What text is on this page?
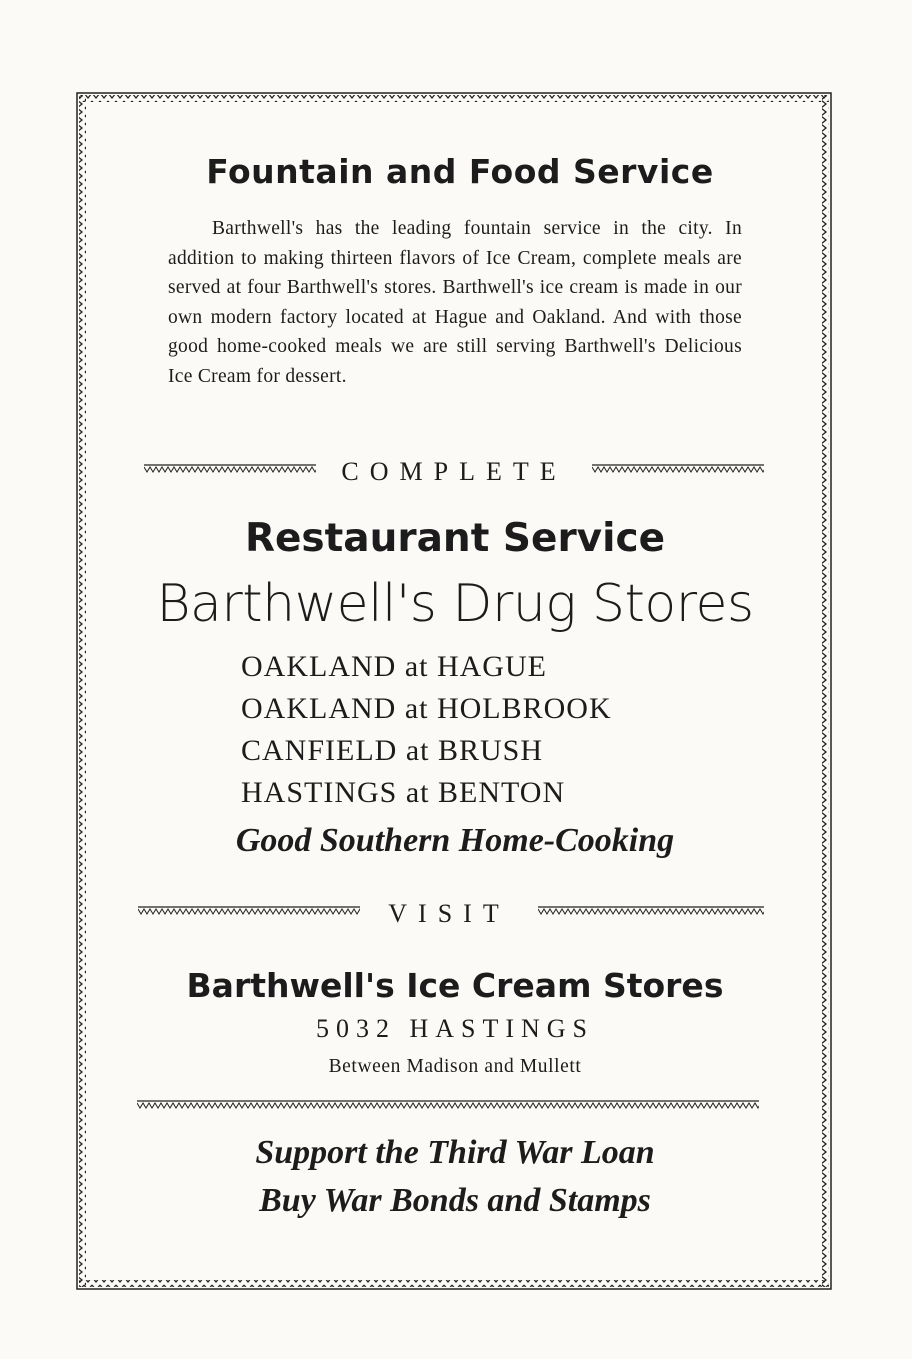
Fountain and Food Service
Barthwell's has the leading fountain service in the city. In addition to making thirteen flavors of Ice Cream, complete meals are served at four Barthwell's stores. Barthwell's ice cream is made in our own modern factory located at Hague and Oakland. And with those good home-cooked meals we are still serving Barthwell's Delicious Ice Cream for dessert.
COMPLETE
Restaurant Service
Barthwell's Drug Stores
OAKLAND at HAGUE
OAKLAND at HOLBROOK
CANFIELD at BRUSH
HASTINGS at BENTON
Good Southern Home-Cooking
VISIT
Barthwell's Ice Cream Stores
5032 HASTINGS
Between Madison and Mullett
Support the Third War Loan
Buy War Bonds and Stamps
